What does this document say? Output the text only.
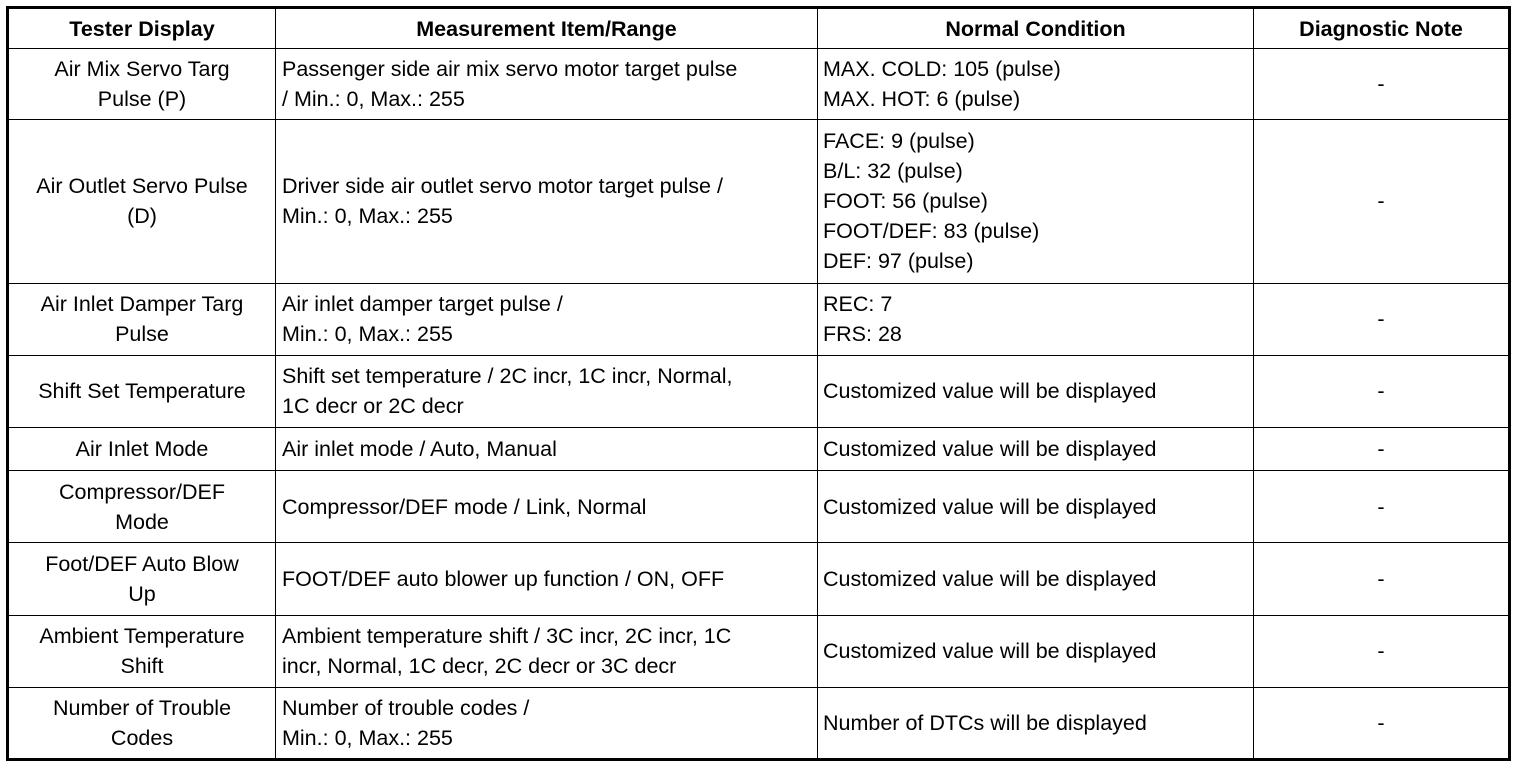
Tester Display	Measurement Item/Range	Normal Condition	Diagnostic Note

Air Mix Servo Targ
Pulse (P)	Passenger side air mix servo motor target pulse
/ Min.: 0, Max.: 255	MAX. COLD: 105 (pulse)
MAX. HOT: 6 (pulse)	-

Air Outlet Servo Pulse
(D)	Driver side air outlet servo motor target pulse /
Min.: 0, Max.: 255	FACE: 9 (pulse)
B/L: 32 (pulse)
FOOT: 56 (pulse)
FOOT/DEF: 83 (pulse)
DEF: 97 (pulse)	-

Air Inlet Damper Targ
Pulse	Air inlet damper target pulse /
Min.: 0, Max.: 255	REC: 7
FRS: 28	-

Shift Set Temperature	Shift set temperature / 2C incr, 1C incr, Normal,
1C decr or 2C decr	Customized value will be displayed	-

Air Inlet Mode	Air inlet mode / Auto, Manual	Customized value will be displayed	-

Compressor/DEF
Mode	Compressor/DEF mode / Link, Normal	Customized value will be displayed	-

Foot/DEF Auto Blow
Up	FOOT/DEF auto blower up function / ON, OFF	Customized value will be displayed	-

Ambient Temperature
Shift	Ambient temperature shift / 3C incr, 2C incr, 1C
incr, Normal, 1C decr, 2C decr or 3C decr	Customized value will be displayed	-

Number of Trouble
Codes	Number of trouble codes /
Min.: 0, Max.: 255	Number of DTCs will be displayed	-
